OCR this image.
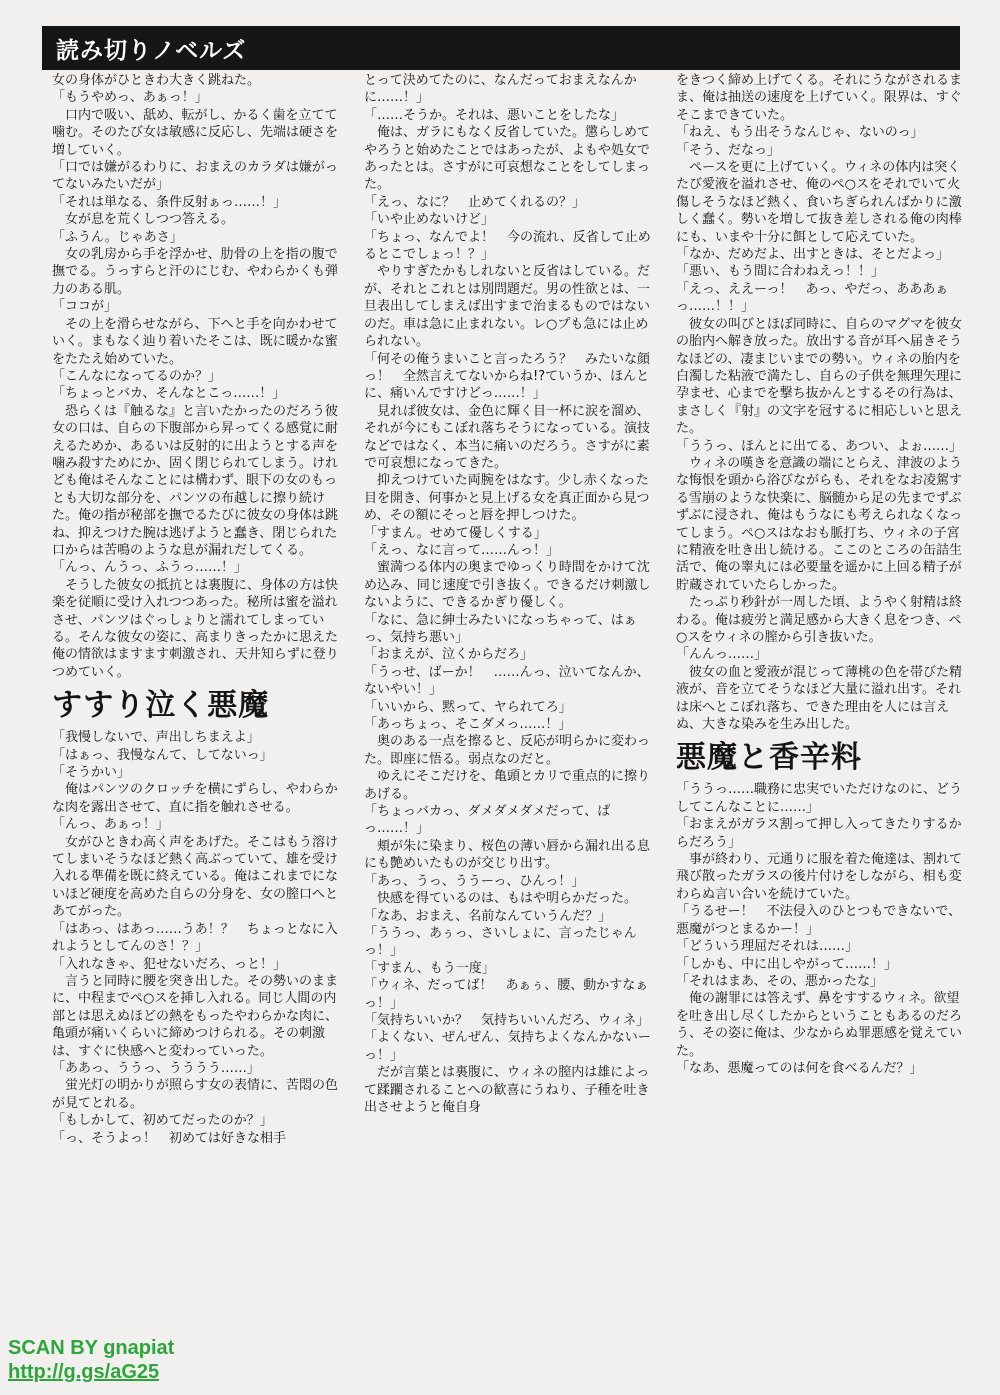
読み切りノベルズ

女の身体がひときわ大きく跳ねた。

「もうやめっ、あぁっ！」

　口内で吸い、舐め、転がし、かるく歯を立てて噛む。そのたび女は敏感に反応し、先端は硬さを増していく。

「口では嫌がるわりに、おまえのカラダは嫌がってないみたいだが」

「それは単なる、条件反射ぁっ……！」

　女が息を荒くしつつ答える。

「ふうん。じゃあさ」

　女の乳房から手を浮かせ、肋骨の上を指の腹で撫でる。うっすらと汗のにじむ、やわらかくも弾力のある肌。

「ココが」

　その上を滑らせながら、下へと手を向かわせていく。まもなく辿り着いたそこは、既に暖かな蜜をたたえ始めていた。

「こんなになってるのか？」

「ちょっとバカ、そんなとこっ……！」

　恐らくは『触るな』と言いたかったのだろう彼女の口は、自らの下腹部から昇ってくる感覚に耐えるためか、あるいは反射的に出ようとする声を噛み殺すためにか、固く閉じられてしまう。けれども俺はそんなことには構わず、眼下の女のもっとも大切な部分を、パンツの布越しに擦り続けた。俺の指が秘部を撫でるたびに彼女の身体は跳ね、抑えつけた腕は逃げようと蠢き、閉じられた口からは苦鳴のような息が漏れだしてくる。

「んっ、んうっ、ふうっ……！」

　そうした彼女の抵抗とは裏腹に、身体の方は快楽を従順に受け入れつつあった。秘所は蜜を溢れさせ、パンツはぐっしょりと濡れてしまっている。そんな彼女の姿に、高まりきったかに思えた俺の情欲はますます刺激され、天井知らずに登りつめていく。

すすり泣く悪魔

「我慢しないで、声出しちまえよ」

「はぁっ、我慢なんて、してないっ」

「そうかい」

　俺はパンツのクロッチを横にずらし、やわらかな肉を露出させて、直に指を触れさせる。

「んっ、あぁっ！」

　女がひときわ高く声をあげた。そこはもう溶けてしまいそうなほど熱く高ぶっていて、雄を受け入れる準備を既に終えている。俺はこれまでにないほど硬度を高めた自らの分身を、女の膣口へとあてがった。

「はあっ、はあっ……うあ！？　ちょっとなに入れようとしてんのさ！？」

「入れなきゃ、犯せないだろ、っと！」

　言うと同時に腰を突き出した。その勢いのままに、中程までペ○スを挿し入れる。同じ人間の内部とは思えぬほどの熱をもったやわらかな肉に、亀頭が痛いくらいに締めつけられる。その刺激は、すぐに快感へと変わっていった。

「ああっ、ううっ、うううう……」

　蛍光灯の明かりが照らす女の表情に、苦悶の色が見てとれる。

「もしかして、初めてだったのか？」

「っ、そうよっ！　初めては好きな相手

とって決めてたのに、なんだっておまえなんかに……！」

「……そうか。それは、悪いことをしたな」

　俺は、ガラにもなく反省していた。懲らしめてやろうと始めたことではあったが、よもや処女であったとは。さすがに可哀想なことをしてしまった。

「えっ、なに？　止めてくれるの？」

「いや止めないけど」

「ちょっ、なんでよ！　今の流れ、反省して止めるとこでしょっ！？」

　やりすぎたかもしれないと反省はしている。だが、それとこれとは別問題だ。男の性欲とは、一旦表出してしまえば出すまで治まるものではないのだ。車は急に止まれない。レ○プも急には止められない。

「何その俺うまいこと言ったろう？　みたいな顔っ！　全然言えてないからね!?ていうか、ほんとに、痛いんですけどっ……！」

　見れば彼女は、金色に輝く目一杯に涙を溜め、それが今にもこぼれ落ちそうになっている。演技などではなく、本当に痛いのだろう。さすがに素で可哀想になってきた。

　抑えつけていた両腕をはなす。少し赤くなった目を開き、何事かと見上げる女を真正面から見つめ、その額にそっと唇を押しつけた。

「すまん。せめて優しくする」

「えっ、なに言って……んっ！」

　蜜満つる体内の奥までゆっくり時間をかけて沈め込み、同じ速度で引き抜く。できるだけ刺激しないように、できるかぎり優しく。

「なに、急に紳士みたいになっちゃって、はぁっ、気持ち悪い」

「おまえが、泣くからだろ」

「うっせ、ばーか！　……んっ、泣いてなんか、ないやい！」

「いいから、黙って、ヤられてろ」

「あっちょっ、そこダメっ……！」

　奥のある一点を擦ると、反応が明らかに変わった。即座に悟る。弱点なのだと。

　ゆえにそこだけを、亀頭とカリで重点的に擦りあげる。

「ちょっバカっ、ダメダメダメだって、ぱっ……！」

　頬が朱に染まり、桜色の薄い唇から漏れ出る息にも艶めいたものが交じり出す。

「あっ、うっ、ううーっ、ひんっ！」

　快感を得ているのは、もはや明らかだった。

「なあ、おまえ、名前なんていうんだ？」

「ううっ、あぅっ、さいしょに、言ったじゃんっ！」

「すまん、もう一度」

「ウィネ、だってば！　あぁぅ、腰、動かすなぁっ！」

「気持ちいいか？　気持ちいいんだろ、ウィネ」

「よくない、ぜんぜん、気持ちよくなんかないーっ！」

　だが言葉とは裏腹に、ウィネの膣内は雄によって蹂躙されることへの歓喜にうねり、子種を吐き出させようと俺自身

をきつく締め上げてくる。それにうながされるまま、俺は抽送の速度を上げていく。限界は、すぐそこまできていた。

「ねえ、もう出そうなんじゃ、ないのっ」

「そう、だなっ」

　ペースを更に上げていく。ウィネの体内は突くたび愛液を溢れさせ、俺のペ○スをそれでいて火傷しそうなほど熱く、食いちぎられんばかりに激しく蠢く。勢いを増して抜き差しされる俺の肉棒にも、いまや十分に餌として応えていた。

「なか、だめだよ、出すときは、そとだよっ」

「悪い、もう間に合わねえっ！！」

「えっ、ええーっ！　あっ、やだっ、あああぁっ……！！」

　彼女の叫びとほぼ同時に、自らのマグマを彼女の胎内へ解き放った。放出する音が耳へ届きそうなほどの、凄まじいまでの勢い。ウィネの胎内を白濁した粘液で満たし、自らの子供を無理矢理に孕ませ、心までを撃ち抜かんとするその行為は、まさしく『射』の文字を冠するに相応しいと思えた。

「ううっ、ほんとに出てる、あつい、よぉ……」

　ウィネの嘆きを意識の端にとらえ、津波のような悔恨を頭から浴びながらも、それをなお凌駕する雪崩のような快楽に、脳髄から足の先までずぶずぶに浸され、俺はもうなにも考えられなくなってしまう。ペ○スはなおも脈打ち、ウィネの子宮に精液を吐き出し続ける。ここのところの缶詰生活で、俺の睾丸には必要量を遥かに上回る精子が貯蔵されていたらしかった。

　たっぷり秒針が一周した頃、ようやく射精は終わる。俺は疲労と満足感から大きく息をつき、ペ○スをウィネの膣から引き抜いた。

「んんっ……」

　彼女の血と愛液が混じって薄桃の色を帯びた精液が、音を立てそうなほど大量に溢れ出す。それは床へとこぼれ落ち、できた理由を人には言えぬ、大きな染みを生み出した。

悪魔と香辛料

「ううっ……職務に忠実でいただけなのに、どうしてこんなことに……」

「おまえがガラス割って押し入ってきたりするからだろう」

　事が終わり、元通りに服を着た俺達は、割れて飛び散ったガラスの後片付けをしながら、相も変わらぬ言い合いを続けていた。

「うるせー！　不法侵入のひとつもできないで、悪魔がつとまるかー！」

「どういう理屈だそれは……」

「しかも、中に出しやがって……！」

「それはまあ、その、悪かったな」

　俺の謝罪には答えず、鼻をすするウィネ。欲望を吐き出し尽くしたからということもあるのだろう、その姿に俺は、少なからぬ罪悪感を覚えていた。

「なあ、悪魔ってのは何を食べるんだ？」

SCAN BY gnapiat
http://g.gs/aG25
